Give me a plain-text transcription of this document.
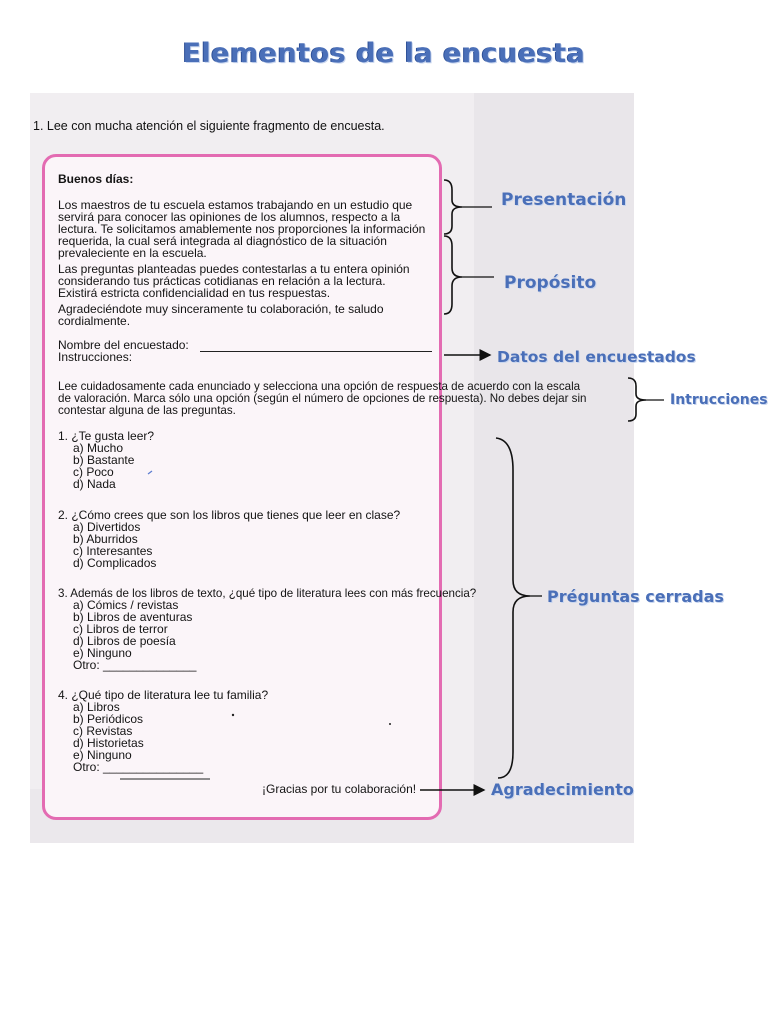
Elementos de la encuesta
1. Lee con mucha atención el siguiente fragmento de encuesta.
Buenos días:
Los maestros de tu escuela estamos trabajando en un estudio que
servirá para conocer las opiniones de los alumnos, respecto a la
lectura. Te solicitamos amablemente nos proporciones la información
requerida, la cual será integrada al diagnóstico de la situación
prevaleciente en la escuela.
Las preguntas planteadas puedes contestarlas a tu entera opinión
considerando tus prácticas cotidianas en relación a la lectura.
Existirá estricta confidencialidad en tus respuestas.
Agradeciéndote muy sinceramente tu colaboración, te saludo
cordialmente.
Nombre del encuestado:
Instrucciones:
Lee cuidadosamente cada enunciado y selecciona una opción de respuesta de acuerdo con la escala
de valoración. Marca sólo una opción (según el número de opciones de respuesta). No debes dejar sin
contestar alguna de las preguntas.
1. ¿Te gusta leer?
a) Mucho
b) Bastante
c) Poco
d) Nada
2. ¿Cómo crees que son los libros que tienes que leer en clase?
a) Divertidos
b) Aburridos
c) Interesantes
d) Complicados
3. Además de los libros de texto, ¿qué tipo de literatura lees con más frecuencia?
a) Cómics / revistas
b) Libros de aventuras
c) Libros de terror
d) Libros de poesía
e) Ninguno
Otro: ______________
4. ¿Qué tipo de literatura lee tu familia?
a) Libros
b) Periódicos
c) Revistas
d) Historietas
e) Ninguno
Otro: _______________
¡Gracias por tu colaboración!
Presentación
Propósito
Datos del encuestados
Intrucciones
Préguntas cerradas
Agradecimiento
